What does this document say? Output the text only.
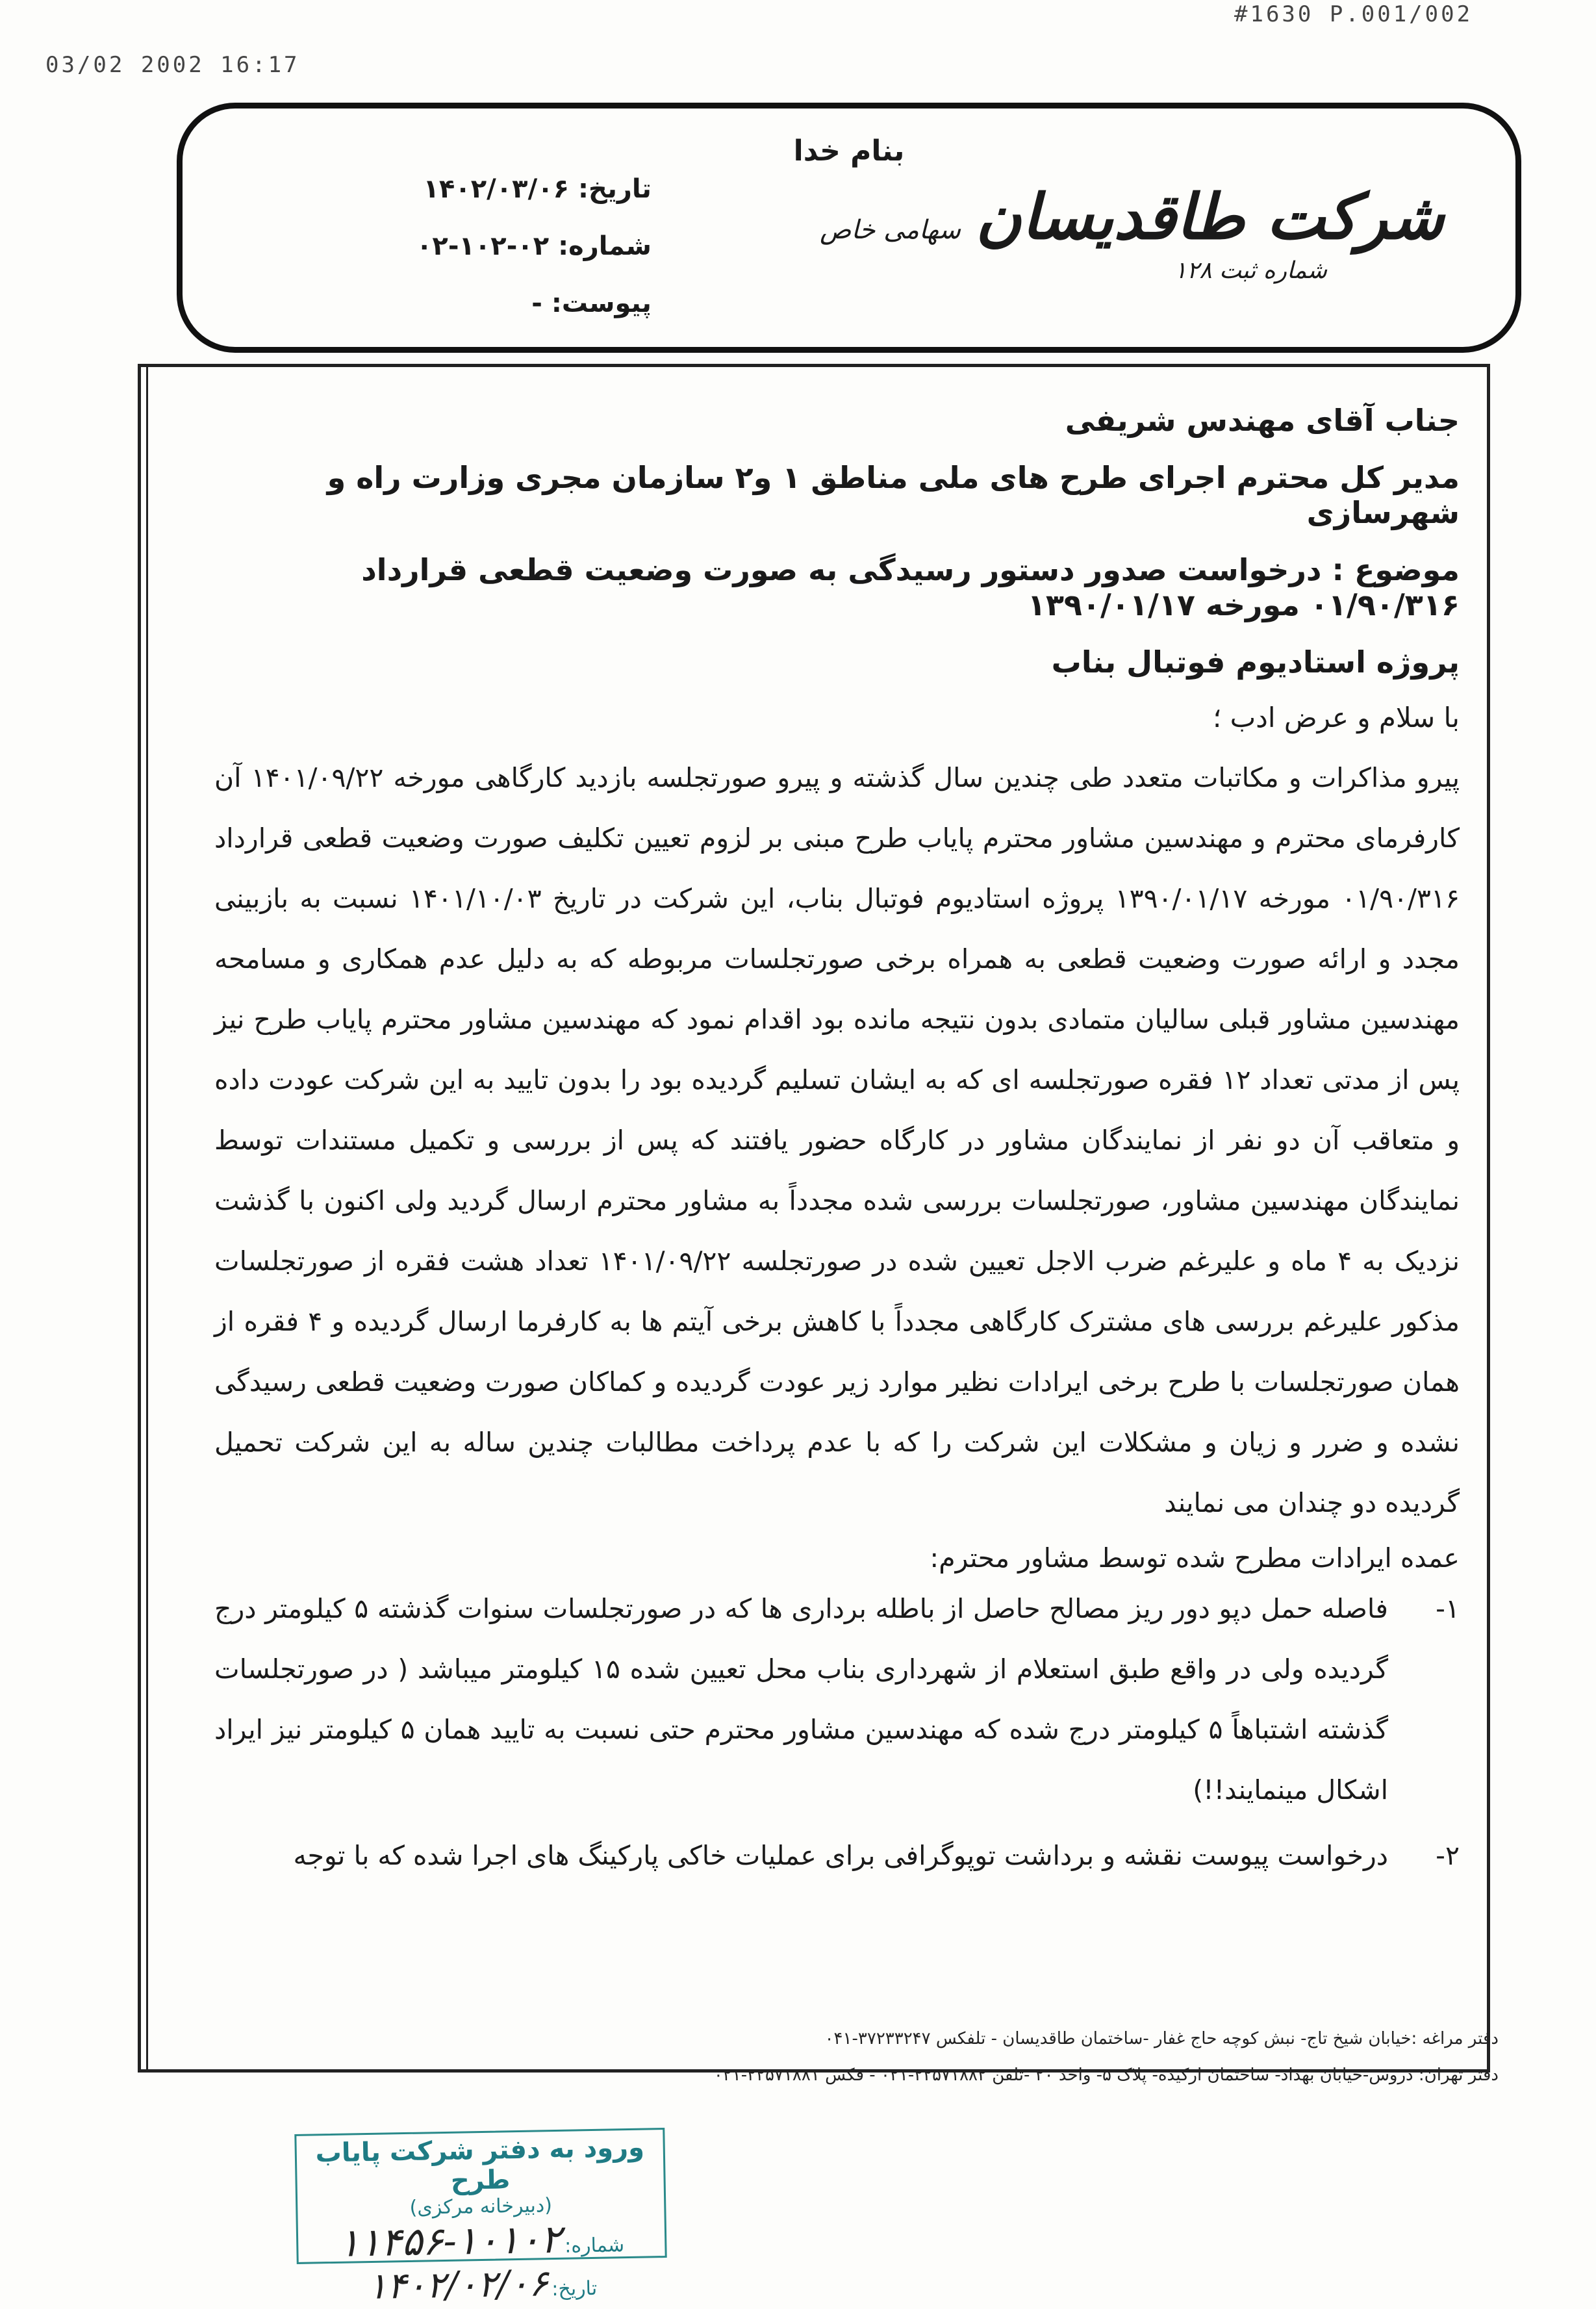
#1630 P.001/002
03/02 2002 16:17
بنام خدا
شرکت طاقدیسان سهامی خاص
شماره ثبت ۱۲۸
تاریخ:۱۴۰۲/۰۳/۰۶
شماره:۰۲-۱۰۲-۰۲
پیوست:-
جناب آقای مهندس شریفی
مدیر کل محترم اجرای طرح های ملی مناطق ۱ و۲ سازمان مجری وزارت راه و شهرسازی
موضوع : درخواست صدور دستور رسیدگی به صورت وضعیت قطعی قرارداد ۰۱/۹۰/۳۱۶ مورخه ۱۳۹۰/۰۱/۱۷
پروژه استادیوم فوتبال بناب
با سلام و عرض ادب ؛
پیرو مذاکرات و مکاتبات متعدد طی چندین سال گذشته و پیرو صورتجلسه بازدید کارگاهی مورخه ۱۴۰۱/۰۹/۲۲ آن کارفرمای محترم و مهندسین مشاور محترم پایاب طرح مبنی بر لزوم تعیین تکلیف صورت وضعیت قطعی قرارداد ۰۱/۹۰/۳۱۶ مورخه ۱۳۹۰/۰۱/۱۷ پروژه استادیوم فوتبال بناب، این شرکت در تاریخ ۱۴۰۱/۱۰/۰۳ نسبت به بازبینی مجدد و ارائه صورت وضعیت قطعی به همراه برخی صورتجلسات مربوطه که به دلیل عدم همکاری و مسامحه مهندسین مشاور قبلی سالیان متمادی بدون نتیجه مانده بود اقدام نمود که مهندسین مشاور محترم پایاب طرح نیز پس از مدتی تعداد ۱۲ فقره صورتجلسه ای که به ایشان تسلیم گردیده بود را بدون تایید به این شرکت عودت داده و متعاقب آن دو نفر از نمایندگان مشاور در کارگاه حضور یافتند که پس از بررسی و تکمیل مستندات توسط نمایندگان مهندسین مشاور، صورتجلسات بررسی شده مجدداً به مشاور محترم ارسال گردید ولی اکنون با گذشت نزدیک به ۴ ماه و علیرغم ضرب الاجل تعیین شده در صورتجلسه ۱۴۰۱/۰۹/۲۲ تعداد هشت فقره از صورتجلسات مذکور علیرغم بررسی های مشترک کارگاهی مجدداً با کاهش برخی آیتم ها به کارفرما ارسال گردیده و ۴ فقره از همان صورتجلسات با طرح برخی ایرادات نظیر موارد زیر عودت گردیده و کماکان صورت وضعیت قطعی رسیدگی نشده و ضرر و زیان و مشکلات این شرکت را که با عدم پرداخت مطالبات چندین ساله به این شرکت تحمیل گردیده دو چندان می نمایند
عمده ایرادات مطرح شده توسط مشاور محترم:
۱-
فاصله حمل دپو دور ریز مصالح حاصل از باطله برداری ها که در صورتجلسات سنوات گذشته ۵ کیلومتر درج گردیده ولی در واقع طبق استعلام از شهرداری بناب محل تعیین شده ۱۵ کیلومتر میباشد ( در صورتجلسات گذشته اشتباهاً ۵ کیلومتر درج شده که مهندسین مشاور محترم حتی نسبت به تایید همان ۵ کیلومتر نیز ایراد اشکال مینمایند!!)
۲-
درخواست پیوست نقشه و برداشت توپوگرافی برای عملیات خاکی پارکینگ های اجرا شده که با توجه
دفتر مراغه :خیابان شیخ تاج- نبش کوچه حاج غفار -ساختمان طاقدیسان - تلفکس ۳۷۲۳۳۲۴۷-۰۴۱
دفتر تهران: دروس-خیابان بهداد- ساختمان ارکیده- پلاک ۵- واحد ۲۰ -تلفن ۲۲۵۷۱۸۸۲-۰۲۱ - فکس ۲۲۵۷۱۸۸۱-۰۲۱
ورود به دفتر شرکت پایاب طرح
(دبیرخانه مرکزی)
شماره: ۱۰۱۰۲-۱۱۴۵۶
تاریخ: ۱۴۰۲/۰۲/۰۶
